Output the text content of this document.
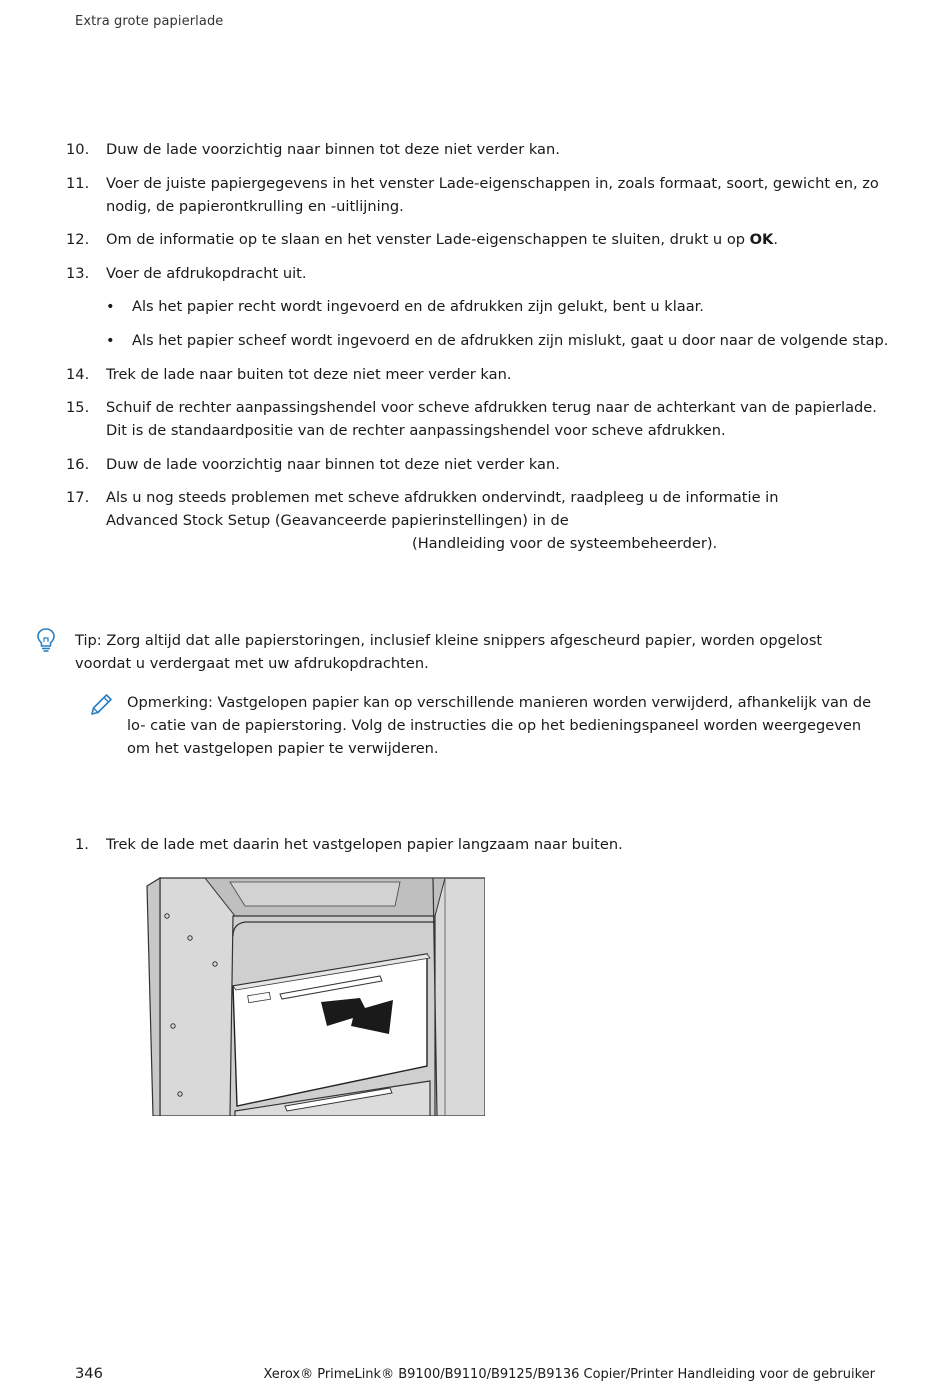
Extra grote papierlade
10.	Duw de lade voorzichtig naar binnen tot deze niet verder kan.
11.	Voer de juiste papiergegevens in het venster Lade-eigenschappen in, zoals formaat, soort, gewicht en, zo nodig, de papierontkrulling en -uitlijning.
12.	Om de informatie op te slaan en het venster Lade-eigenschappen te sluiten, drukt u op OK.
13.	Voer de afdrukopdracht uit.
• Als het papier recht wordt ingevoerd en de afdrukken zijn gelukt, bent u klaar.
• Als het papier scheef wordt ingevoerd en de afdrukken zijn mislukt, gaat u door naar de volgende stap.
14.	Trek de lade naar buiten tot deze niet meer verder kan.
15.	Schuif de rechter aanpassingshendel voor scheve afdrukken terug naar de achterkant van de papierlade. Dit is de standaardpositie van de rechter aanpassingshendel voor scheve afdrukken.
16.	Duw de lade voorzichtig naar binnen tot deze niet verder kan.
17.	Als u nog steeds problemen met scheve afdrukken ondervindt, raadpleeg u de informatie in Advanced Stock Setup (Geavanceerde papierinstellingen) in de
(Handleiding voor de systeembeheerder).
Tip: Zorg altijd dat alle papierstoringen, inclusief kleine snippers afgescheurd papier, worden opgelost voordat u verdergaat met uw afdrukopdrachten.
Opmerking: Vastgelopen papier kan op verschillende manieren worden verwijderd, afhankelijk van de lo- catie van de papierstoring. Volg de instructies die op het bedieningspaneel worden weergegeven om het vastgelopen papier te verwijderen.
1.	Trek de lade met daarin het vastgelopen papier langzaam naar buiten.
346	Xerox® PrimeLink® B9100/B9110/B9125/B9136 Copier/Printer Handleiding voor de gebruiker
